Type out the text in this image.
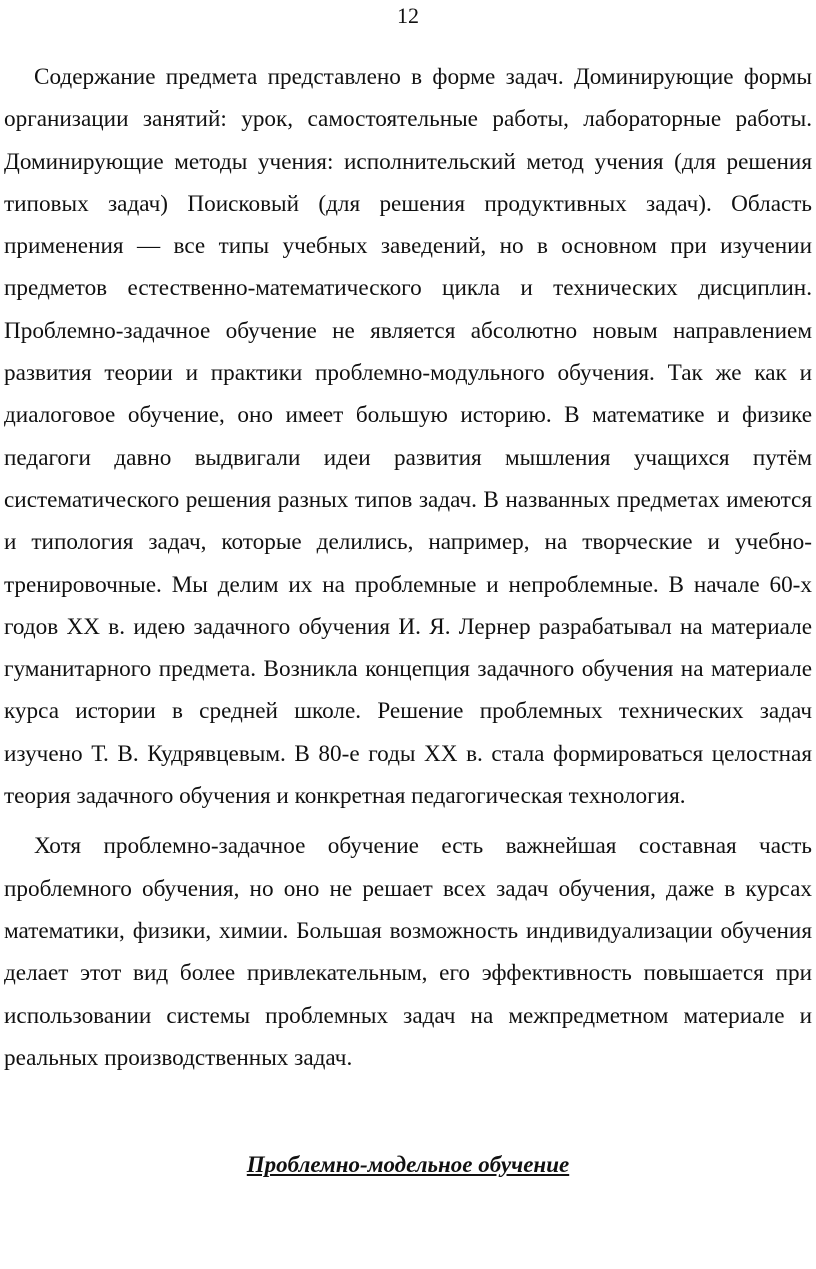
12

Содержание предмета представлено в форме задач. Доминирующие формы организации занятий: урок, самостоятельные работы, лабораторные работы. Доминирующие методы учения: исполнительский метод учения (для решения типовых задач) Поисковый (для решения продуктивных задач). Область применения — все типы учебных заведений, но в основном при изучении предметов естественно-математического цикла и технических дисциплин. Проблемно-задачное обучение не является абсолютно новым направлением развития теории и практики проблемно-модульного обучения. Так же как и диалоговое обучение, оно имеет большую историю. В математике и физике педагоги давно выдвигали идеи развития мышления учащихся путём систематического решения разных типов задач. В названных предметах имеются и типология задач, которые делились, например, на творческие и учебно-тренировочные. Мы делим их на проблемные и непроблемные. В начале 60-х годов XX в. идею задачного обучения И. Я. Лернер разрабатывал на материале гуманитарного предмета. Возникла концепция задачного обучения на материале курса истории в средней школе. Решение проблемных технических задач изучено Т. В. Кудрявцевым. В 80-е годы XX в. стала формироваться целостная теория задачного обучения и конкретная педагогическая технология.

Хотя проблемно-задачное обучение есть важнейшая составная часть проблемного обучения, но оно не решает всех задач обучения, даже в курсах математики, физики, химии. Большая возможность индивидуализации обучения делает этот вид более привлекательным, его эффективность повышается при использовании системы проблемных задач на межпредметном материале и реальных производственных задач.

Проблемно-модельное обучение
